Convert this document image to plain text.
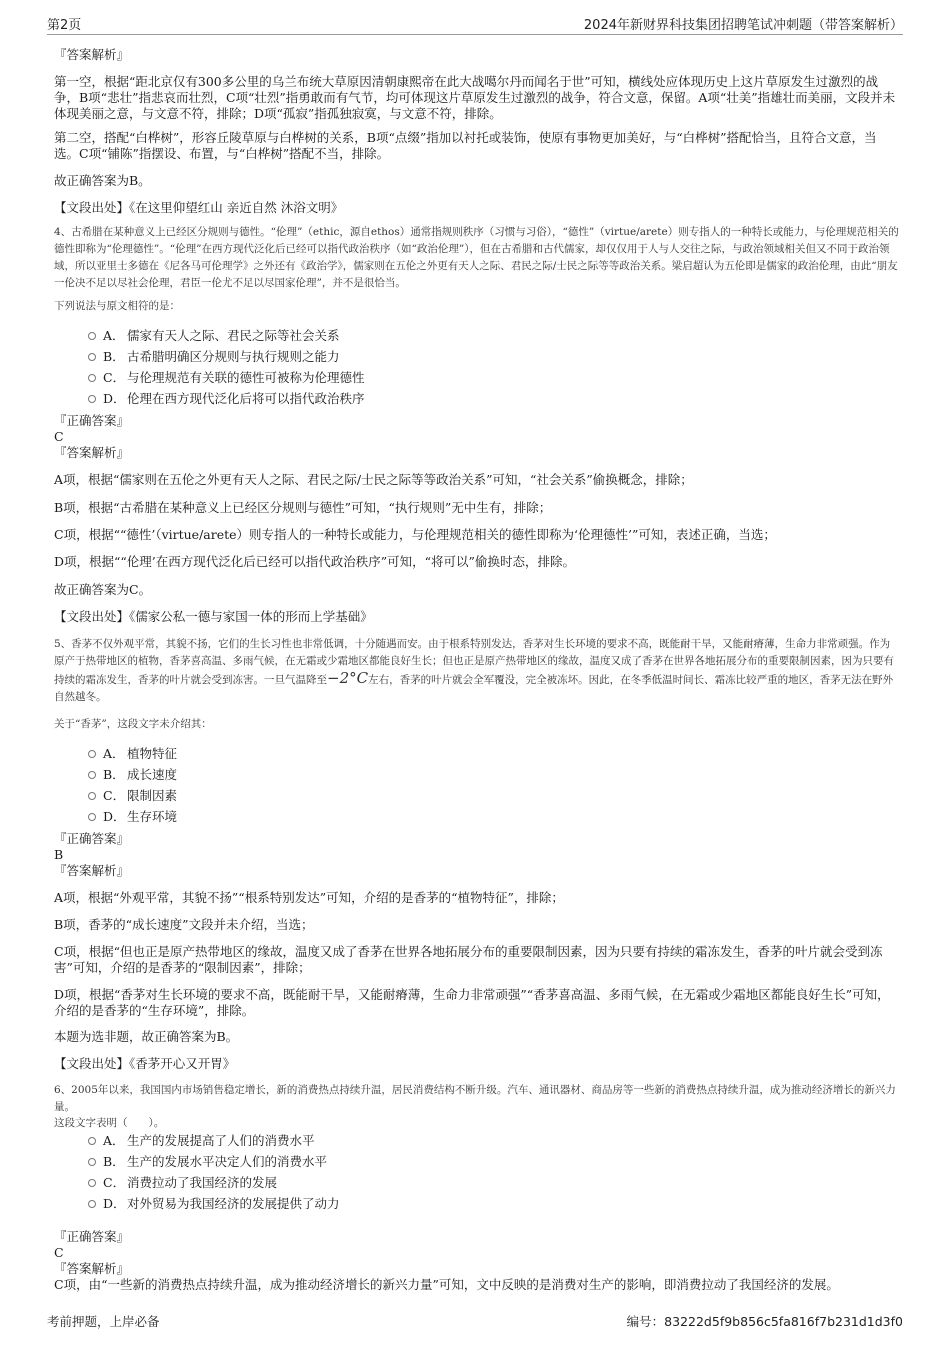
第2页	2024年新财界科技集团招聘笔试冲刺题（带答案解析）

『答案解析』

第一空，根据“距北京仅有300多公里的乌兰布统大草原因清朝康熙帝在此大战噶尔丹而闻名于世”可知，横线处应体现历史上这片草原发生过激烈的战争，B项“悲壮”指悲哀而壮烈，C项“壮烈”指勇敢而有气节，均可体现这片草原发生过激烈的战争，符合文意，保留。A项“壮美”指雄壮而美丽，文段并未体现美丽之意，与文意不符，排除；D项“孤寂”指孤独寂寞，与文意不符，排除。

第二空，搭配“白桦树”，形容丘陵草原与白桦树的关系，B项“点缀”指加以衬托或装饰，使原有事物更加美好，与“白桦树”搭配恰当，且符合文意，当选。C项“铺陈”指摆设、布置，与“白桦树”搭配不当，排除。

故正确答案为B。

【文段出处】《在这里仰望红山 亲近自然 沐浴文明》

4、古希腊在某种意义上已经区分规则与德性。“伦理”（ethic，源自ethos）通常指规则秩序（习惯与习俗），“德性”（virtue/arete）则专指人的一种特长或能力，与伦理规范相关的德性即称为“伦理德性”。“伦理”在西方现代泛化后已经可以指代政治秩序（如“政治伦理”），但在古希腊和古代儒家，却仅仅用于人与人交往之际，与政治领域相关但又不同于政治领域，所以亚里士多德在《尼各马可伦理学》之外还有《政治学》，儒家则在五伦之外更有天人之际、君民之际/士民之际等等政治关系。梁启超认为五伦即是儒家的政治伦理，由此“朋友一伦决不足以尽社会伦理，君臣一伦尤不足以尽国家伦理”，并不是很恰当。

下列说法与原文相符的是：

A． 儒家有天人之际、君民之际等社会关系
B． 古希腊明确区分规则与执行规则之能力
C． 与伦理规范有关联的德性可被称为伦理德性
D． 伦理在西方现代泛化后将可以指代政治秩序

『正确答案』

C

『答案解析』

A项，根据“儒家则在五伦之外更有天人之际、君民之际/士民之际等等政治关系”可知，“社会关系”偷换概念，排除；

B项，根据“古希腊在某种意义上已经区分规则与德性”可知，“执行规则”无中生有，排除；

C项，根据““德性’（virtue/arete）则专指人的一种特长或能力，与伦理规范相关的德性即称为‘伦理德性’”可知，表述正确，当选；

D项，根据““伦理’在西方现代泛化后已经可以指代政治秩序”可知，“将可以”偷换时态，排除。

故正确答案为C。

【文段出处】《儒家公私一德与家国一体的形而上学基础》

5、香茅不仅外观平常，其貌不扬，它们的生长习性也非常低调，十分随遇而安。由于根系特别发达，香茅对生长环境的要求不高，既能耐干旱，又能耐瘠薄，生命力非常顽强。作为原产于热带地区的植物，香茅喜高温、多雨气候，在无霜或少霜地区都能良好生长；但也正是原产热带地区的缘故，温度又成了香茅在世界各地拓展分布的重要限制因素，因为只要有持续的霜冻发生，香茅的叶片就会受到冻害。一旦气温降至−2°C左右，香茅的叶片就会全军覆没，完全被冻坏。因此，在冬季低温时间长、霜冻比较严重的地区，香茅无法在野外自然越冬。

关于“香茅”，这段文字未介绍其：

A． 植物特征
B． 成长速度
C． 限制因素
D． 生存环境

『正确答案』

B

『答案解析』

A项，根据“外观平常，其貌不扬”“根系特别发达”可知，介绍的是香茅的“植物特征”，排除；

B项，香茅的“成长速度”文段并未介绍，当选；

C项，根据“但也正是原产热带地区的缘故，温度又成了香茅在世界各地拓展分布的重要限制因素，因为只要有持续的霜冻发生，香茅的叶片就会受到冻害”可知，介绍的是香茅的“限制因素”，排除；

D项，根据“香茅对生长环境的要求不高，既能耐干旱，又能耐瘠薄，生命力非常顽强”“香茅喜高温、多雨气候，在无霜或少霜地区都能良好生长”可知，介绍的是香茅的“生存环境”，排除。

本题为选非题，故正确答案为B。

【文段出处】《香茅开心又开胃》

6、2005年以来，我国国内市场销售稳定增长，新的消费热点持续升温，居民消费结构不断升级。汽车、通讯器材、商品房等一些新的消费热点持续升温，成为推动经济增长的新兴力量。

这段文字表明（　　）。

A． 生产的发展提高了人们的消费水平
B． 生产的发展水平决定人们的消费水平
C． 消费拉动了我国经济的发展
D． 对外贸易为我国经济的发展提供了动力

『正确答案』

C

『答案解析』

C项，由“一些新的消费热点持续升温，成为推动经济增长的新兴力量”可知，文中反映的是消费对生产的影响，即消费拉动了我国经济的发展。

考前押题，上岸必备	编号：83222d5f9b856c5fa816f7b231d1d3f0
